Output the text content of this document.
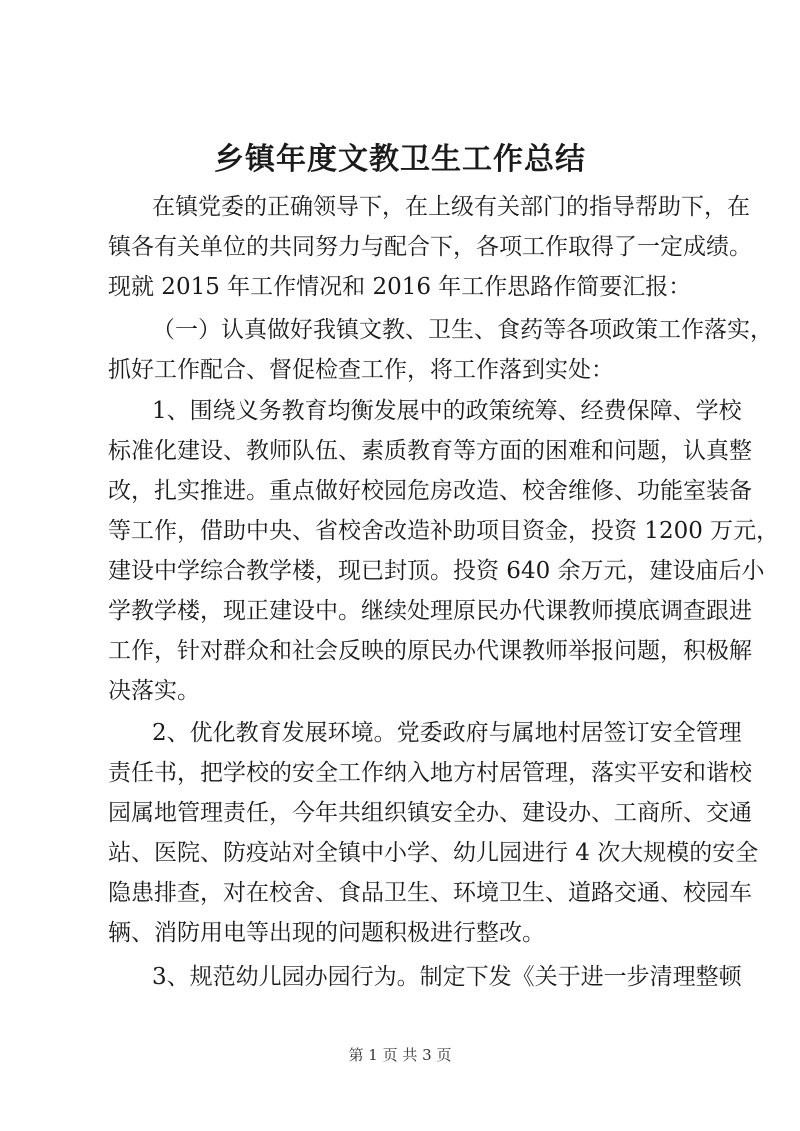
乡镇年度文教卫生工作总结
在镇党委的正确领导下，在上级有关部门的指导帮助下，在
镇各有关单位的共同努力与配合下，各项工作取得了一定成绩。
现就 2015 年工作情况和 2016 年工作思路作简要汇报：
（一）认真做好我镇文教、卫生、食药等各项政策工作落实，
抓好工作配合、督促检查工作，将工作落到实处：
1、围绕义务教育均衡发展中的政策统筹、经费保障、学校
标准化建设、教师队伍、素质教育等方面的困难和问题，认真整
改，扎实推进。重点做好校园危房改造、校舍维修、功能室装备
等工作，借助中央、省校舍改造补助项目资金，投资 1200 万元，
建设中学综合教学楼，现已封顶。投资 640 余万元，建设庙后小
学教学楼，现正建设中。继续处理原民办代课教师摸底调查跟进
工作，针对群众和社会反映的原民办代课教师举报问题，积极解
决落实。
2、优化教育发展环境。党委政府与属地村居签订安全管理
责任书，把学校的安全工作纳入地方村居管理，落实平安和谐校
园属地管理责任，今年共组织镇安全办、建设办、工商所、交通
站、医院、防疫站对全镇中小学、幼儿园进行 4 次大规模的安全
隐患排查，对在校舍、食品卫生、环境卫生、道路交通、校园车
辆、消防用电等出现的问题积极进行整改。
3、规范幼儿园办园行为。制定下发《关于进一步清理整顿
第 1 页 共 3 页
